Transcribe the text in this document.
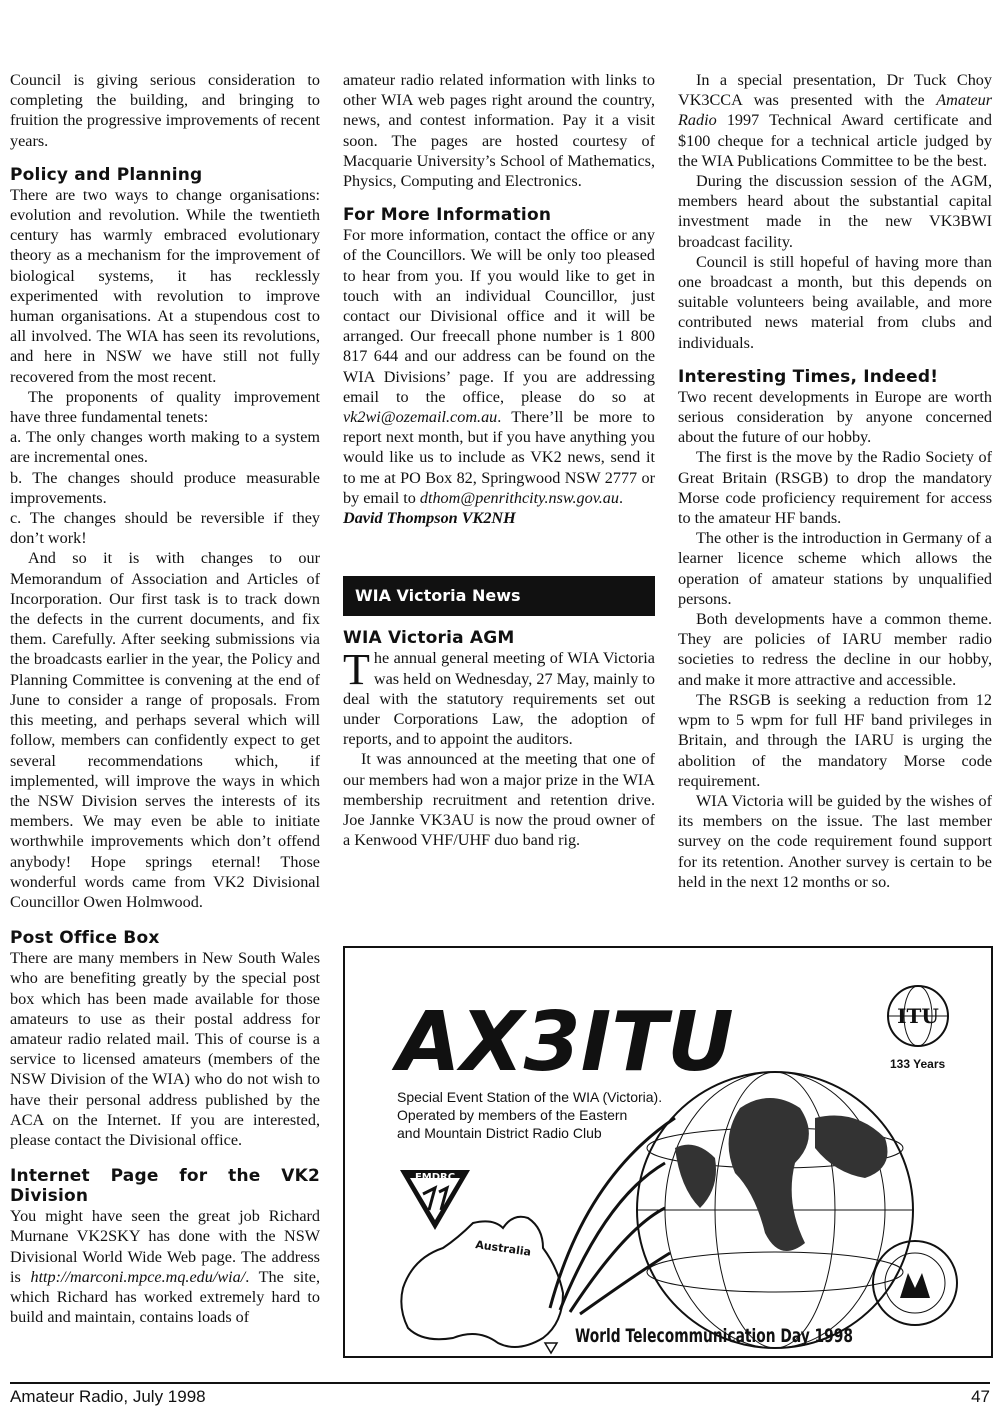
Council is giving serious consideration to completing the building, and bringing to fruition the progressive improvements of recent years.

Policy and Planning

There are two ways to change organisations: evolution and revolution. While the twentieth century has warmly embraced evolutionary theory as a mechanism for the improvement of biological systems, it has recklessly experimented with revolution to improve human organisations. At a stupendous cost to all involved. The WIA has seen its revolutions, and here in NSW we have still not fully recovered from the most recent.

The proponents of quality improvement have three fundamental tenets:

a. The only changes worth making to a system are incremental ones.

b. The changes should produce measurable improvements.

c. The changes should be reversible if they don’t work!

And so it is with changes to our Memorandum of Association and Articles of Incorporation. Our first task is to track down the defects in the current documents, and fix them. Carefully. After seeking submissions via the broadcasts earlier in the year, the Policy and Planning Committee is convening at the end of June to consider a range of proposals. From this meeting, and perhaps several which will follow, members can confidently expect to get several recommendations which, if implemented, will improve the ways in which the NSW Division serves the interests of its members. We may even be able to initiate worthwhile improvements which don’t offend anybody! Hope springs eternal! Those wonderful words came from VK2 Divisional Councillor Owen Holmwood.

Post Office Box

There are many members in New South Wales who are benefiting greatly by the special post box which has been made available for those amateurs to use as their postal address for amateur radio related mail. This of course is a service to licensed amateurs (members of the NSW Division of the WIA) who do not wish to have their personal address published by the ACA on the Internet. If you are interested, please contact the Divisional office.

Internet Page for the VK2 Division

You might have seen the great job Richard Murnane VK2SKY has done with the NSW Divisional World Wide Web page. The address is http://marconi.mpce.mq.edu/wia/. The site, which Richard has worked extremely hard to build and maintain, contains loads of

amateur radio related information with links to other WIA web pages right around the country, news, and contest information. Pay it a visit soon. The pages are hosted courtesy of Macquarie University’s School of Mathematics, Physics, Computing and Electronics.

For More Information

For more information, contact the office or any of the Councillors. We will be only too pleased to hear from you. If you would like to get in touch with an individual Councillor, just contact our Divisional office and it will be arranged. Our freecall phone number is 1 800 817 644 and our address can be found on the WIA Divisions’ page. If you are addressing email to the office, please do so at vk2wi@ozemail.com.au. There’ll be more to report next month, but if you have anything you would like us to include as VK2 news, send it to me at PO Box 82, Springwood NSW 2777 or by email to dthom@penrithcity.nsw.gov.au.

David Thompson VK2NH

WIA Victoria News
WIA Victoria AGM

The annual general meeting of WIA Victoria was held on Wednesday, 27 May, mainly to deal with the statutory requirements set out under Corporations Law, the adoption of reports, and to appoint the auditors.

It was announced at the meeting that one of our members had won a major prize in the WIA membership recruitment and retention drive. Joe Jannke VK3AU is now the proud owner of a Kenwood VHF/UHF duo band rig.

In a special presentation, Dr Tuck Choy VK3CCA was presented with the Amateur Radio 1997 Technical Award certificate and $100 cheque for a technical article judged by the WIA Publications Committee to be the best.

During the discussion session of the AGM, members heard about the substantial capital investment made in the new VK3BWI broadcast facility.

Council is still hopeful of having more than one broadcast a month, but this depends on suitable volunteers being available, and more contributed news material from clubs and individuals.

Interesting Times, Indeed!

Two recent developments in Europe are worth serious consideration by anyone concerned about the future of our hobby.

The first is the move by the Radio Society of Great Britain (RSGB) to drop the mandatory Morse code proficiency requirement for access to the amateur HF bands.

The other is the introduction in Germany of a learner licence scheme which allows the operation of amateur stations by unqualified persons.

Both developments have a common theme. They are policies of IARU member radio societies to redress the decline in our hobby, and make it more attractive and accessible.

The RSGB is seeking a reduction from 12 wpm to 5 wpm for full HF band privileges in Britain, and through the IARU is urging the abolition of the mandatory Morse code requirement.

WIA Victoria will be guided by the wishes of its members on the issue. The last member survey on the code requirement found support for its retention. Another survey is certain to be held in the next 12 months or so.

AX3ITU
Special Event Station of the WIA (Victoria).
Operated by members of the Eastern
and Mountain District Radio Club
ITU
133 Years
EMDRC
Australia
World Telecommunication Day 1998
Amateur Radio, July 1998	47
